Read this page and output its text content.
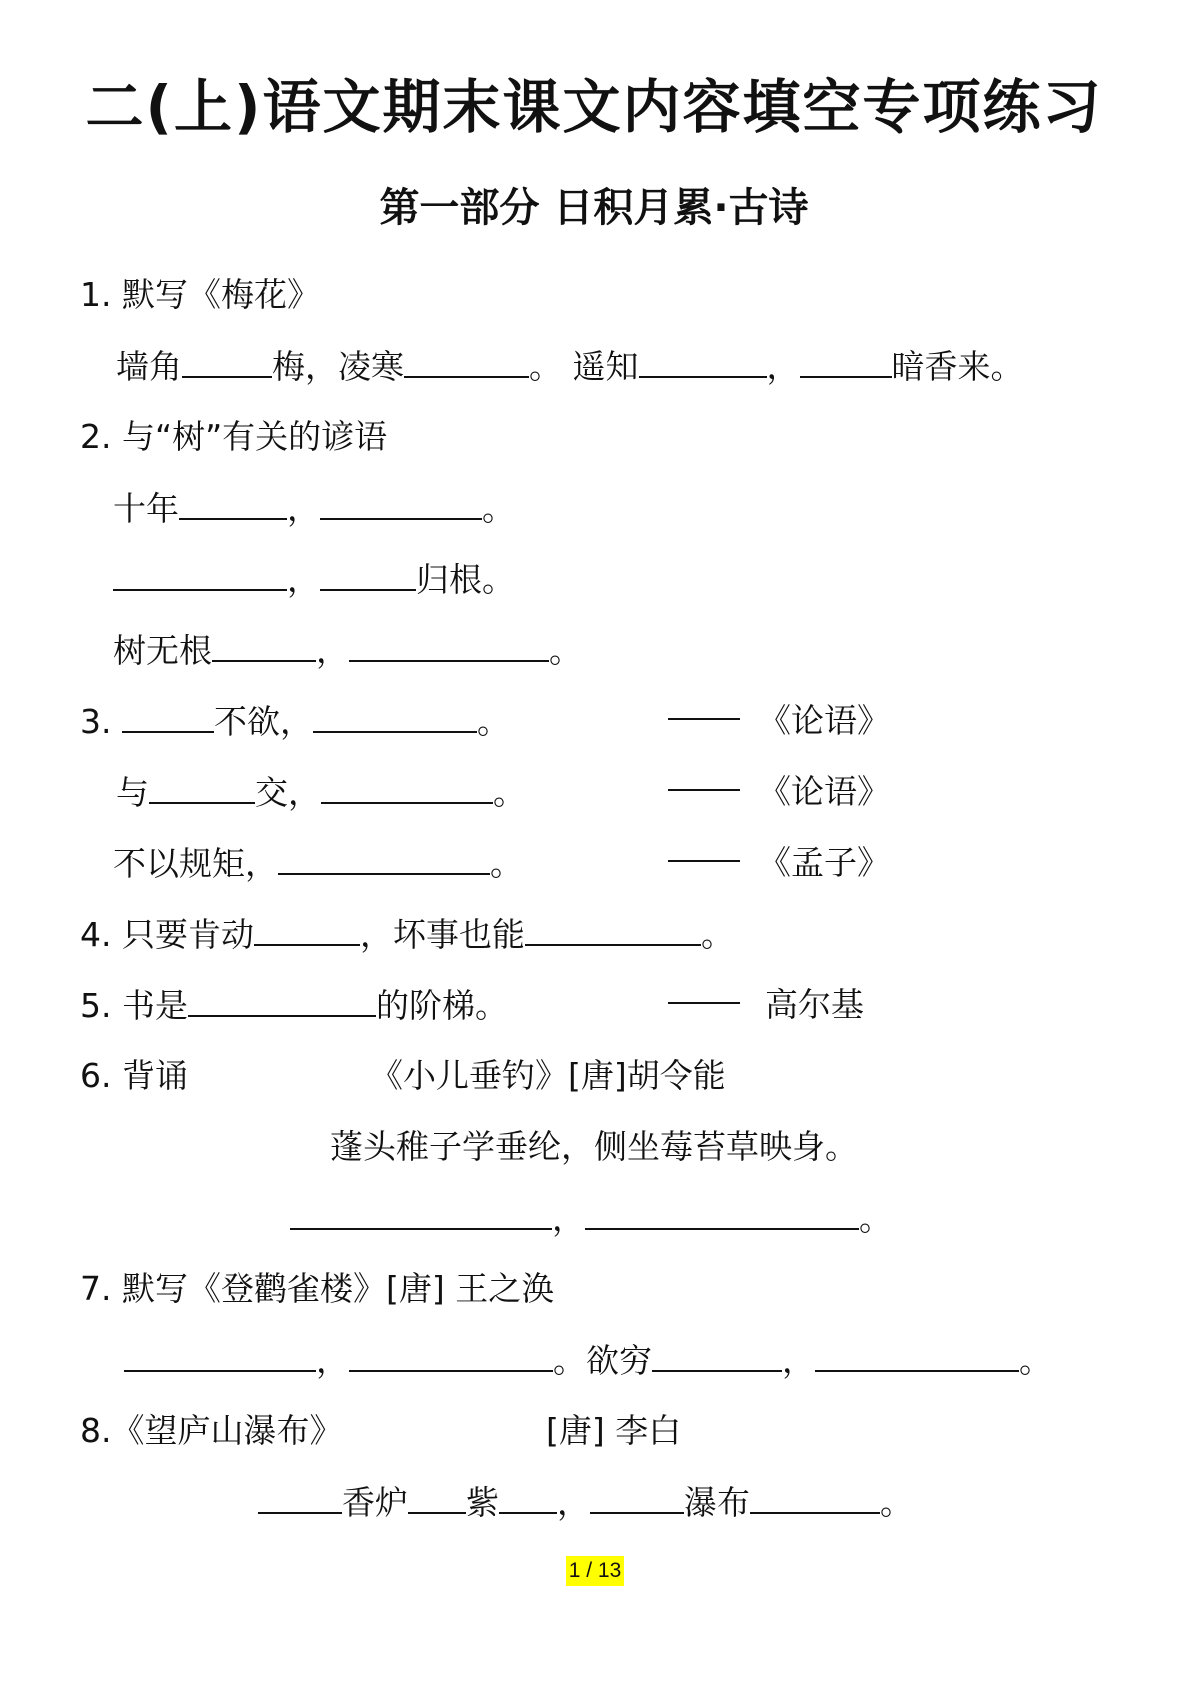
二(上)语文期末课文内容填空专项练习
第一部分 日积月累·古诗
1. 默写《梅花》
墙角	梅，凌寒	。 遥知	，	暗香来。
2. 与“树”有关的谚语
十年	，	。
，	归根。
树无根	，	。
3.	不欲，	。	《论语》
与	交，	。	《论语》
不以规矩，	。	《孟子》
4. 只要肯动	，坏事也能	。
5. 书是	的阶梯。	高尔基
6. 背诵	《小儿垂钓》[唐]胡令能
蓬头稚子学垂纶，侧坐莓苔草映身。
，	。
7. 默写《登鹳雀楼》[唐] 王之涣
，	。欲穷	，	。
8.《望庐山瀑布》	[唐] 李白
香炉 紫 ，	瀑布	。
1 / 13
